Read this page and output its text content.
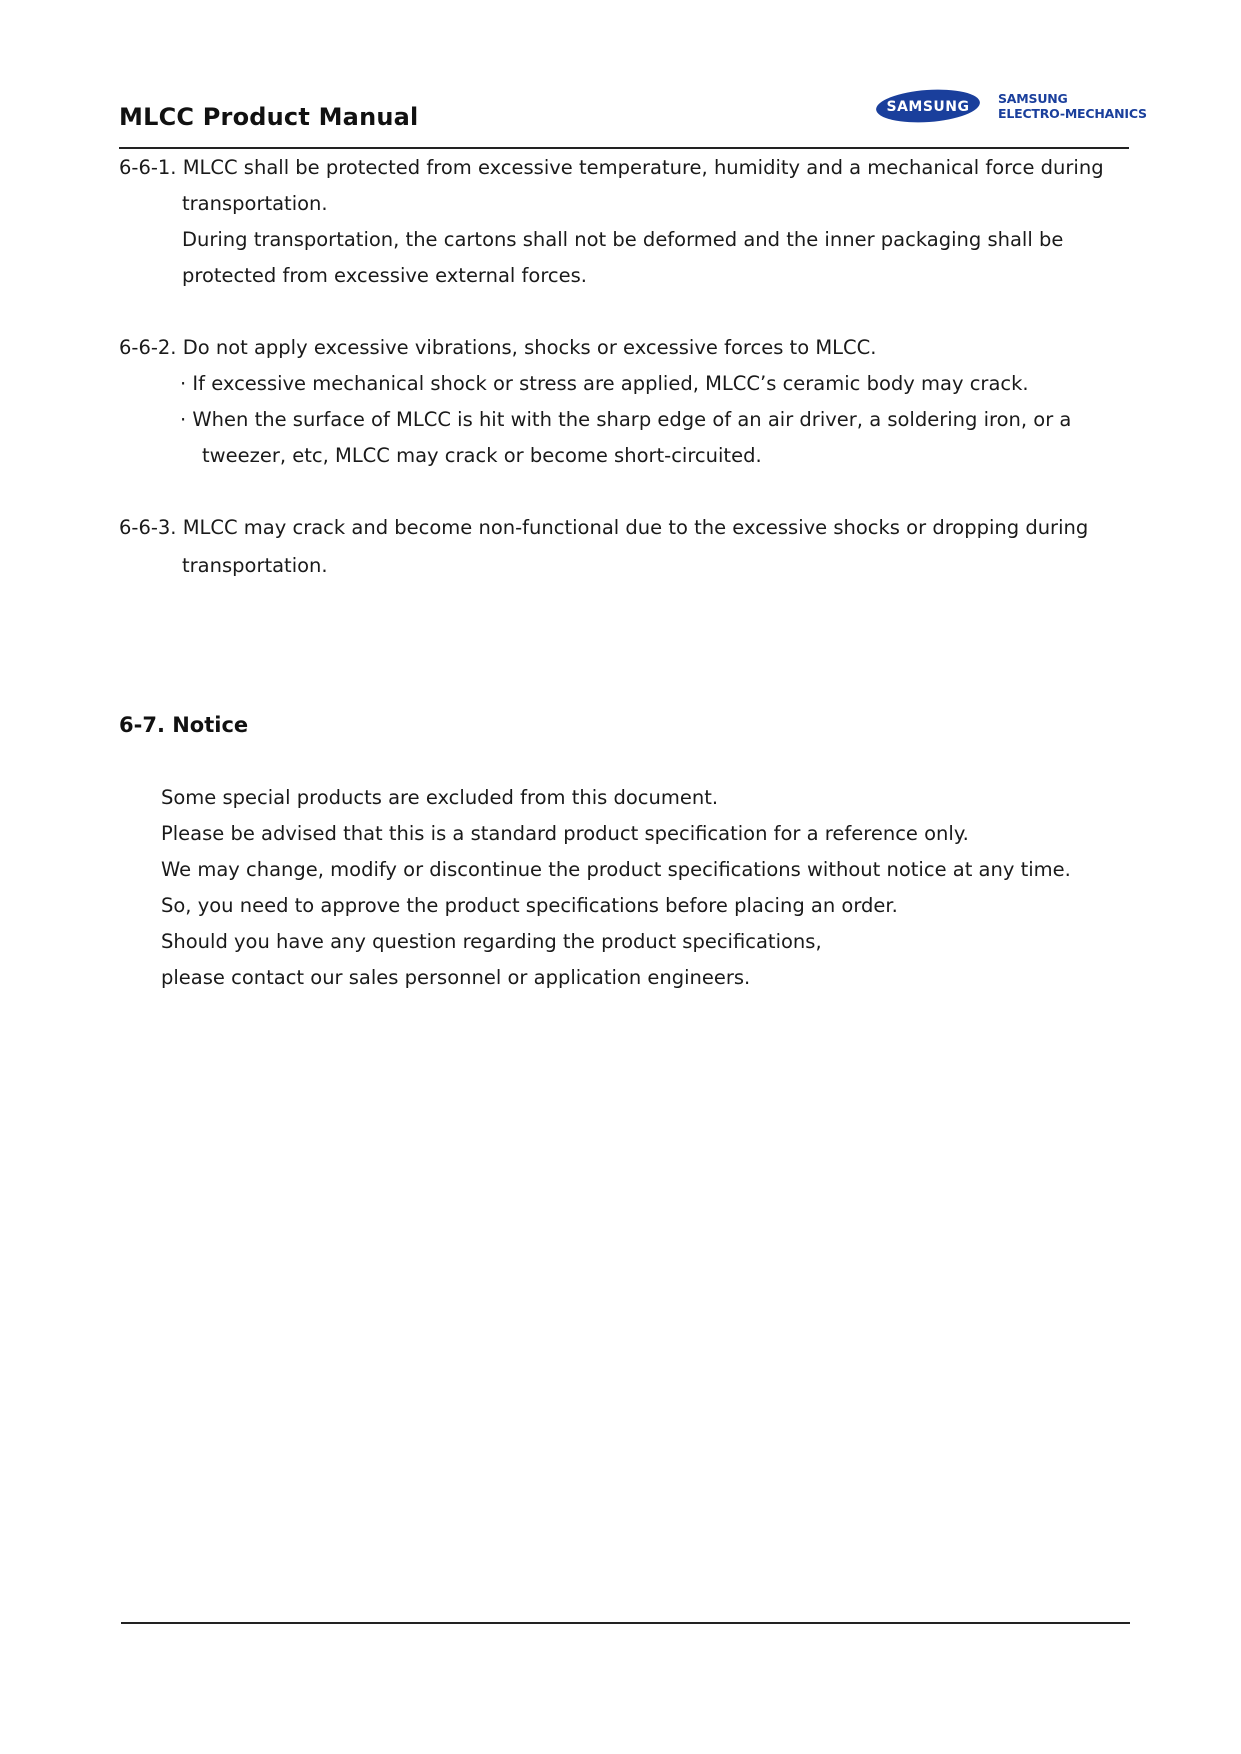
MLCC Product Manual	SAMSUNG
SAMSUNG
ELECTRO-MECHANICS
6-6-1. MLCC shall be protected from excessive temperature, humidity and a mechanical force during
transportation.
During transportation, the cartons shall not be deformed and the inner packaging shall be
protected from excessive external forces.
6-6-2. Do not apply excessive vibrations, shocks or excessive forces to MLCC.
· If excessive mechanical shock or stress are applied, MLCC’s ceramic body may crack.
· When the surface of MLCC is hit with the sharp edge of an air driver, a soldering iron, or a
tweezer, etc, MLCC may crack or become short-circuited.
6-6-3. MLCC may crack and become non-functional due to the excessive shocks or dropping during
transportation.
6-7. Notice
Some special products are excluded from this document.
Please be advised that this is a standard product specification for a reference only.
We may change, modify or discontinue the product specifications without notice at any time.
So, you need to approve the product specifications before placing an order.
Should you have any question regarding the product specifications,
please contact our sales personnel or application engineers.
